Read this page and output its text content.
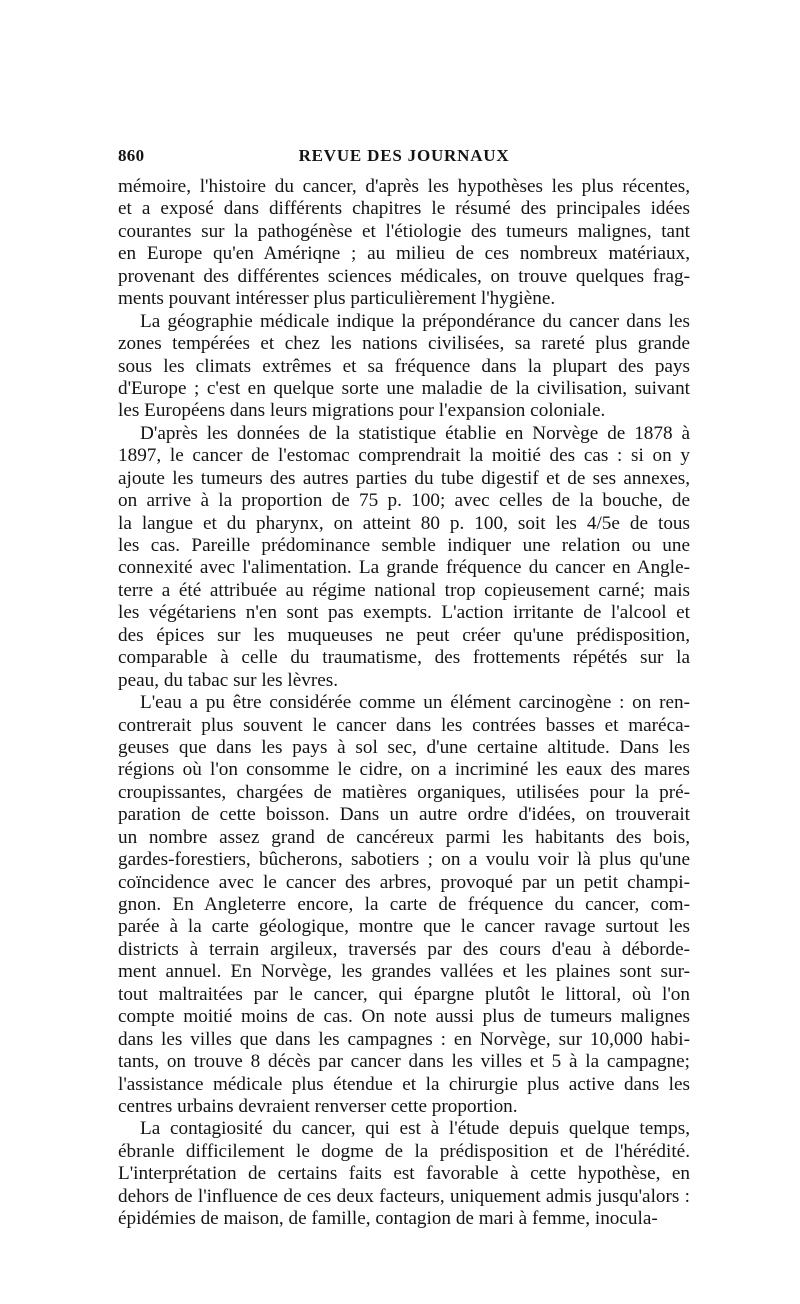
860	REVUE DES JOURNAUX
mémoire, l'histoire du cancer, d'après les hypothèses les plus récentes,
et a exposé dans différents chapitres le résumé des principales idées
courantes sur la pathogénèse et l'étiologie des tumeurs malignes, tant
en Europe qu'en Amériqne ; au milieu de ces nombreux matériaux,
provenant des différentes sciences médicales, on trouve quelques frag-
ments pouvant intéresser plus particulièrement l'hygiène.
La géographie médicale indique la prépondérance du cancer dans les
zones tempérées et chez les nations civilisées, sa rareté plus grande
sous les climats extrêmes et sa fréquence dans la plupart des pays
d'Europe ; c'est en quelque sorte une maladie de la civilisation, suivant
les Européens dans leurs migrations pour l'expansion coloniale.
D'après les données de la statistique établie en Norvège de 1878 à
1897, le cancer de l'estomac comprendrait la moitié des cas : si on y
ajoute les tumeurs des autres parties du tube digestif et de ses annexes,
on arrive à la proportion de 75 p. 100; avec celles de la bouche, de
la langue et du pharynx, on atteint 80 p. 100, soit les 4/5e de tous
les cas. Pareille prédominance semble indiquer une relation ou une
connexité avec l'alimentation. La grande fréquence du cancer en Angle-
terre a été attribuée au régime national trop copieusement carné; mais
les végétariens n'en sont pas exempts. L'action irritante de l'alcool et
des épices sur les muqueuses ne peut créer qu'une prédisposition,
comparable à celle du traumatisme, des frottements répétés sur la
peau, du tabac sur les lèvres.
L'eau a pu être considérée comme un élément carcinogène : on ren-
contrerait plus souvent le cancer dans les contrées basses et maréca-
geuses que dans les pays à sol sec, d'une certaine altitude. Dans les
régions où l'on consomme le cidre, on a incriminé les eaux des mares
croupissantes, chargées de matières organiques, utilisées pour la pré-
paration de cette boisson. Dans un autre ordre d'idées, on trouverait
un nombre assez grand de cancéreux parmi les habitants des bois,
gardes-forestiers, bûcherons, sabotiers ; on a voulu voir là plus qu'une
coïncidence avec le cancer des arbres, provoqué par un petit champi-
gnon. En Angleterre encore, la carte de fréquence du cancer, com-
parée à la carte géologique, montre que le cancer ravage surtout les
districts à terrain argileux, traversés par des cours d'eau à déborde-
ment annuel. En Norvège, les grandes vallées et les plaines sont sur-
tout maltraitées par le cancer, qui épargne plutôt le littoral, où l'on
compte moitié moins de cas. On note aussi plus de tumeurs malignes
dans les villes que dans les campagnes : en Norvège, sur 10,000 habi-
tants, on trouve 8 décès par cancer dans les villes et 5 à la campagne;
l'assistance médicale plus étendue et la chirurgie plus active dans les
centres urbains devraient renverser cette proportion.
La contagiosité du cancer, qui est à l'étude depuis quelque temps,
ébranle difficilement le dogme de la prédisposition et de l'hérédité.
L'interprétation de certains faits est favorable à cette hypothèse, en
dehors de l'influence de ces deux facteurs, uniquement admis jusqu'alors :
épidémies de maison, de famille, contagion de mari à femme, inocula-
